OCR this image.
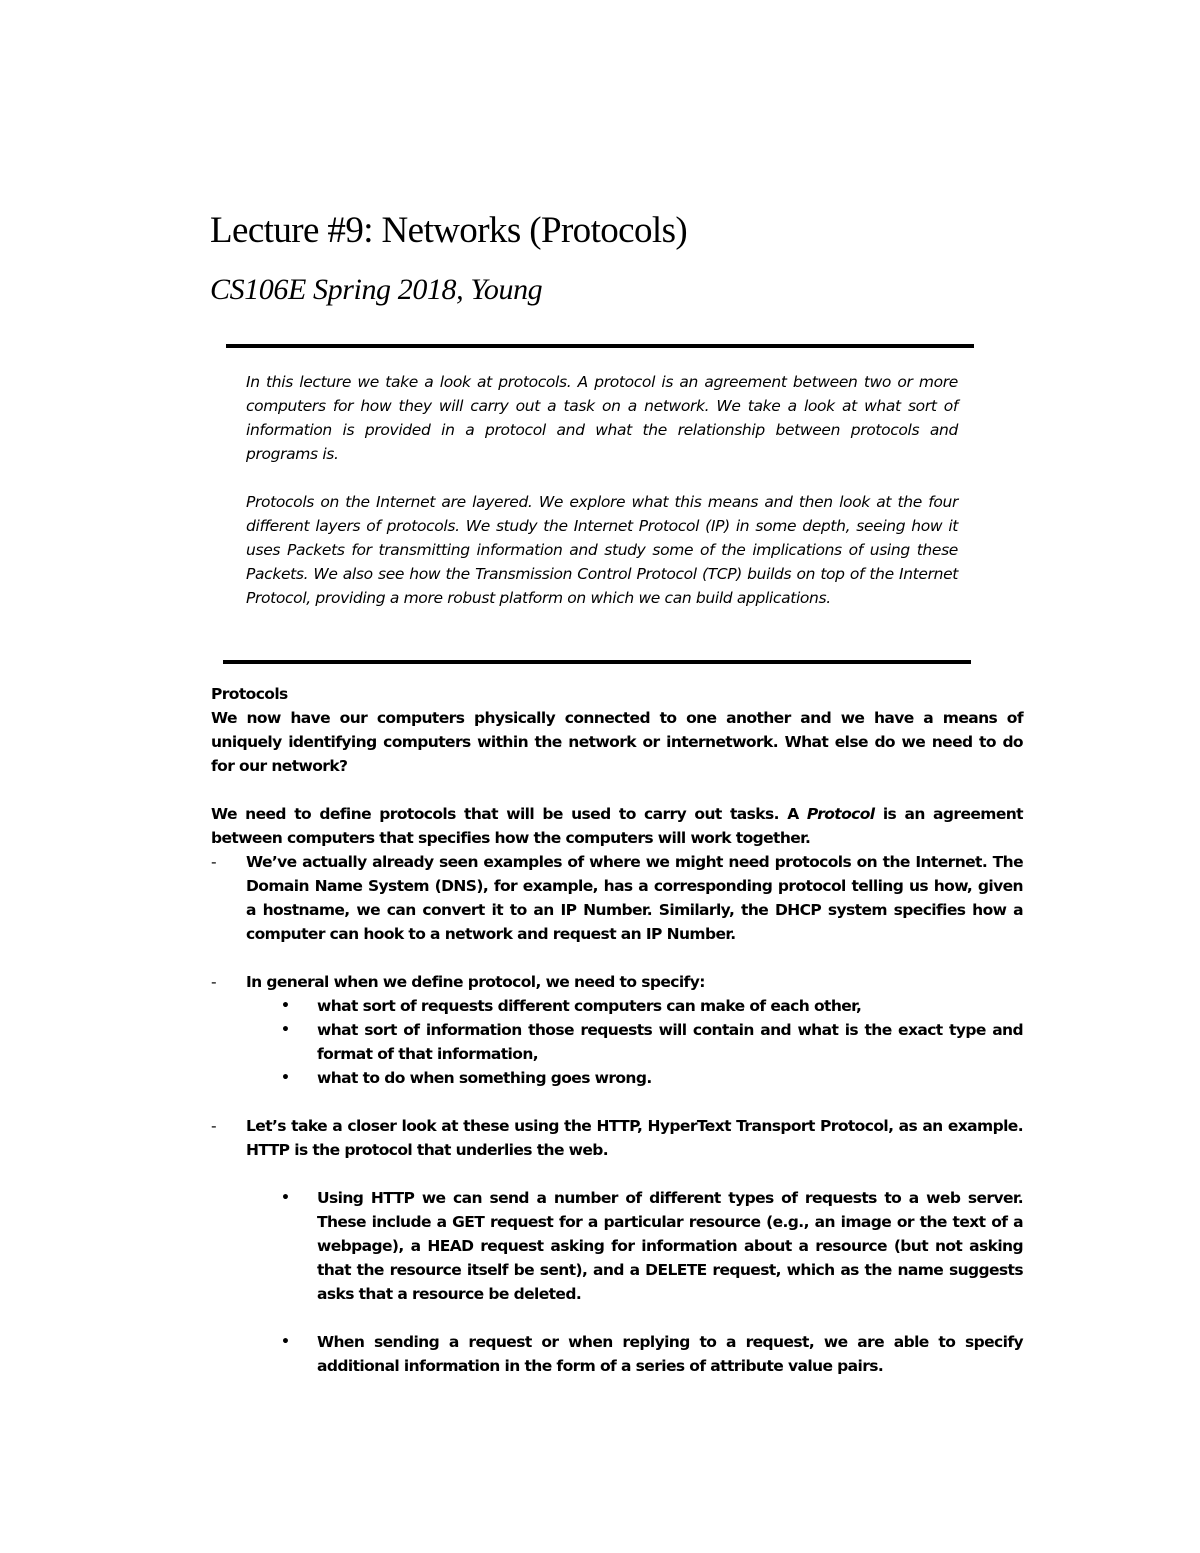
Lecture #9: Networks (Protocols)
CS106E Spring 2018, Young

In this lecture we take a look at protocols. A protocol is an agreement between two or more computers for how they will carry out a task on a network. We take a look at what sort of information is provided in a protocol and what the relationship between protocols and programs is.

Protocols on the Internet are layered. We explore what this means and then look at the four different layers of protocols. We study the Internet Protocol (IP) in some depth, seeing how it uses Packets for transmitting information and study some of the implications of using these Packets. We also see how the Transmission Control Protocol (TCP) builds on top of the Internet Protocol, providing a more robust platform on which we can build applications.

Protocols

We now have our computers physically connected to one another and we have a means of uniquely identifying computers within the network or internetwork. What else do we need to do for our network?

We need to define protocols that will be used to carry out tasks. A Protocol is an agreement between computers that specifies how the computers will work together.

-	We’ve actually already seen examples of where we might need protocols on the Internet. The Domain Name System (DNS), for example, has a corresponding protocol telling us how, given a hostname, we can convert it to an IP Number. Similarly, the DHCP system specifies how a computer can hook to a network and request an IP Number.
-	In general when we define protocol, we need to specify:
•	what sort of requests different computers can make of each other,
•	what sort of information those requests will contain and what is the exact type and format of that information,
•	what to do when something goes wrong.
-	Let’s take a closer look at these using the HTTP, HyperText Transport Protocol, as an example. HTTP is the protocol that underlies the web.
•	Using HTTP we can send a number of different types of requests to a web server. These include a GET request for a particular resource (e.g., an image or the text of a webpage), a HEAD request asking for information about a resource (but not asking that the resource itself be sent), and a DELETE request, which as the name suggests asks that a resource be deleted.
•	When sending a request or when replying to a request, we are able to specify additional information in the form of a series of attribute value pairs.
